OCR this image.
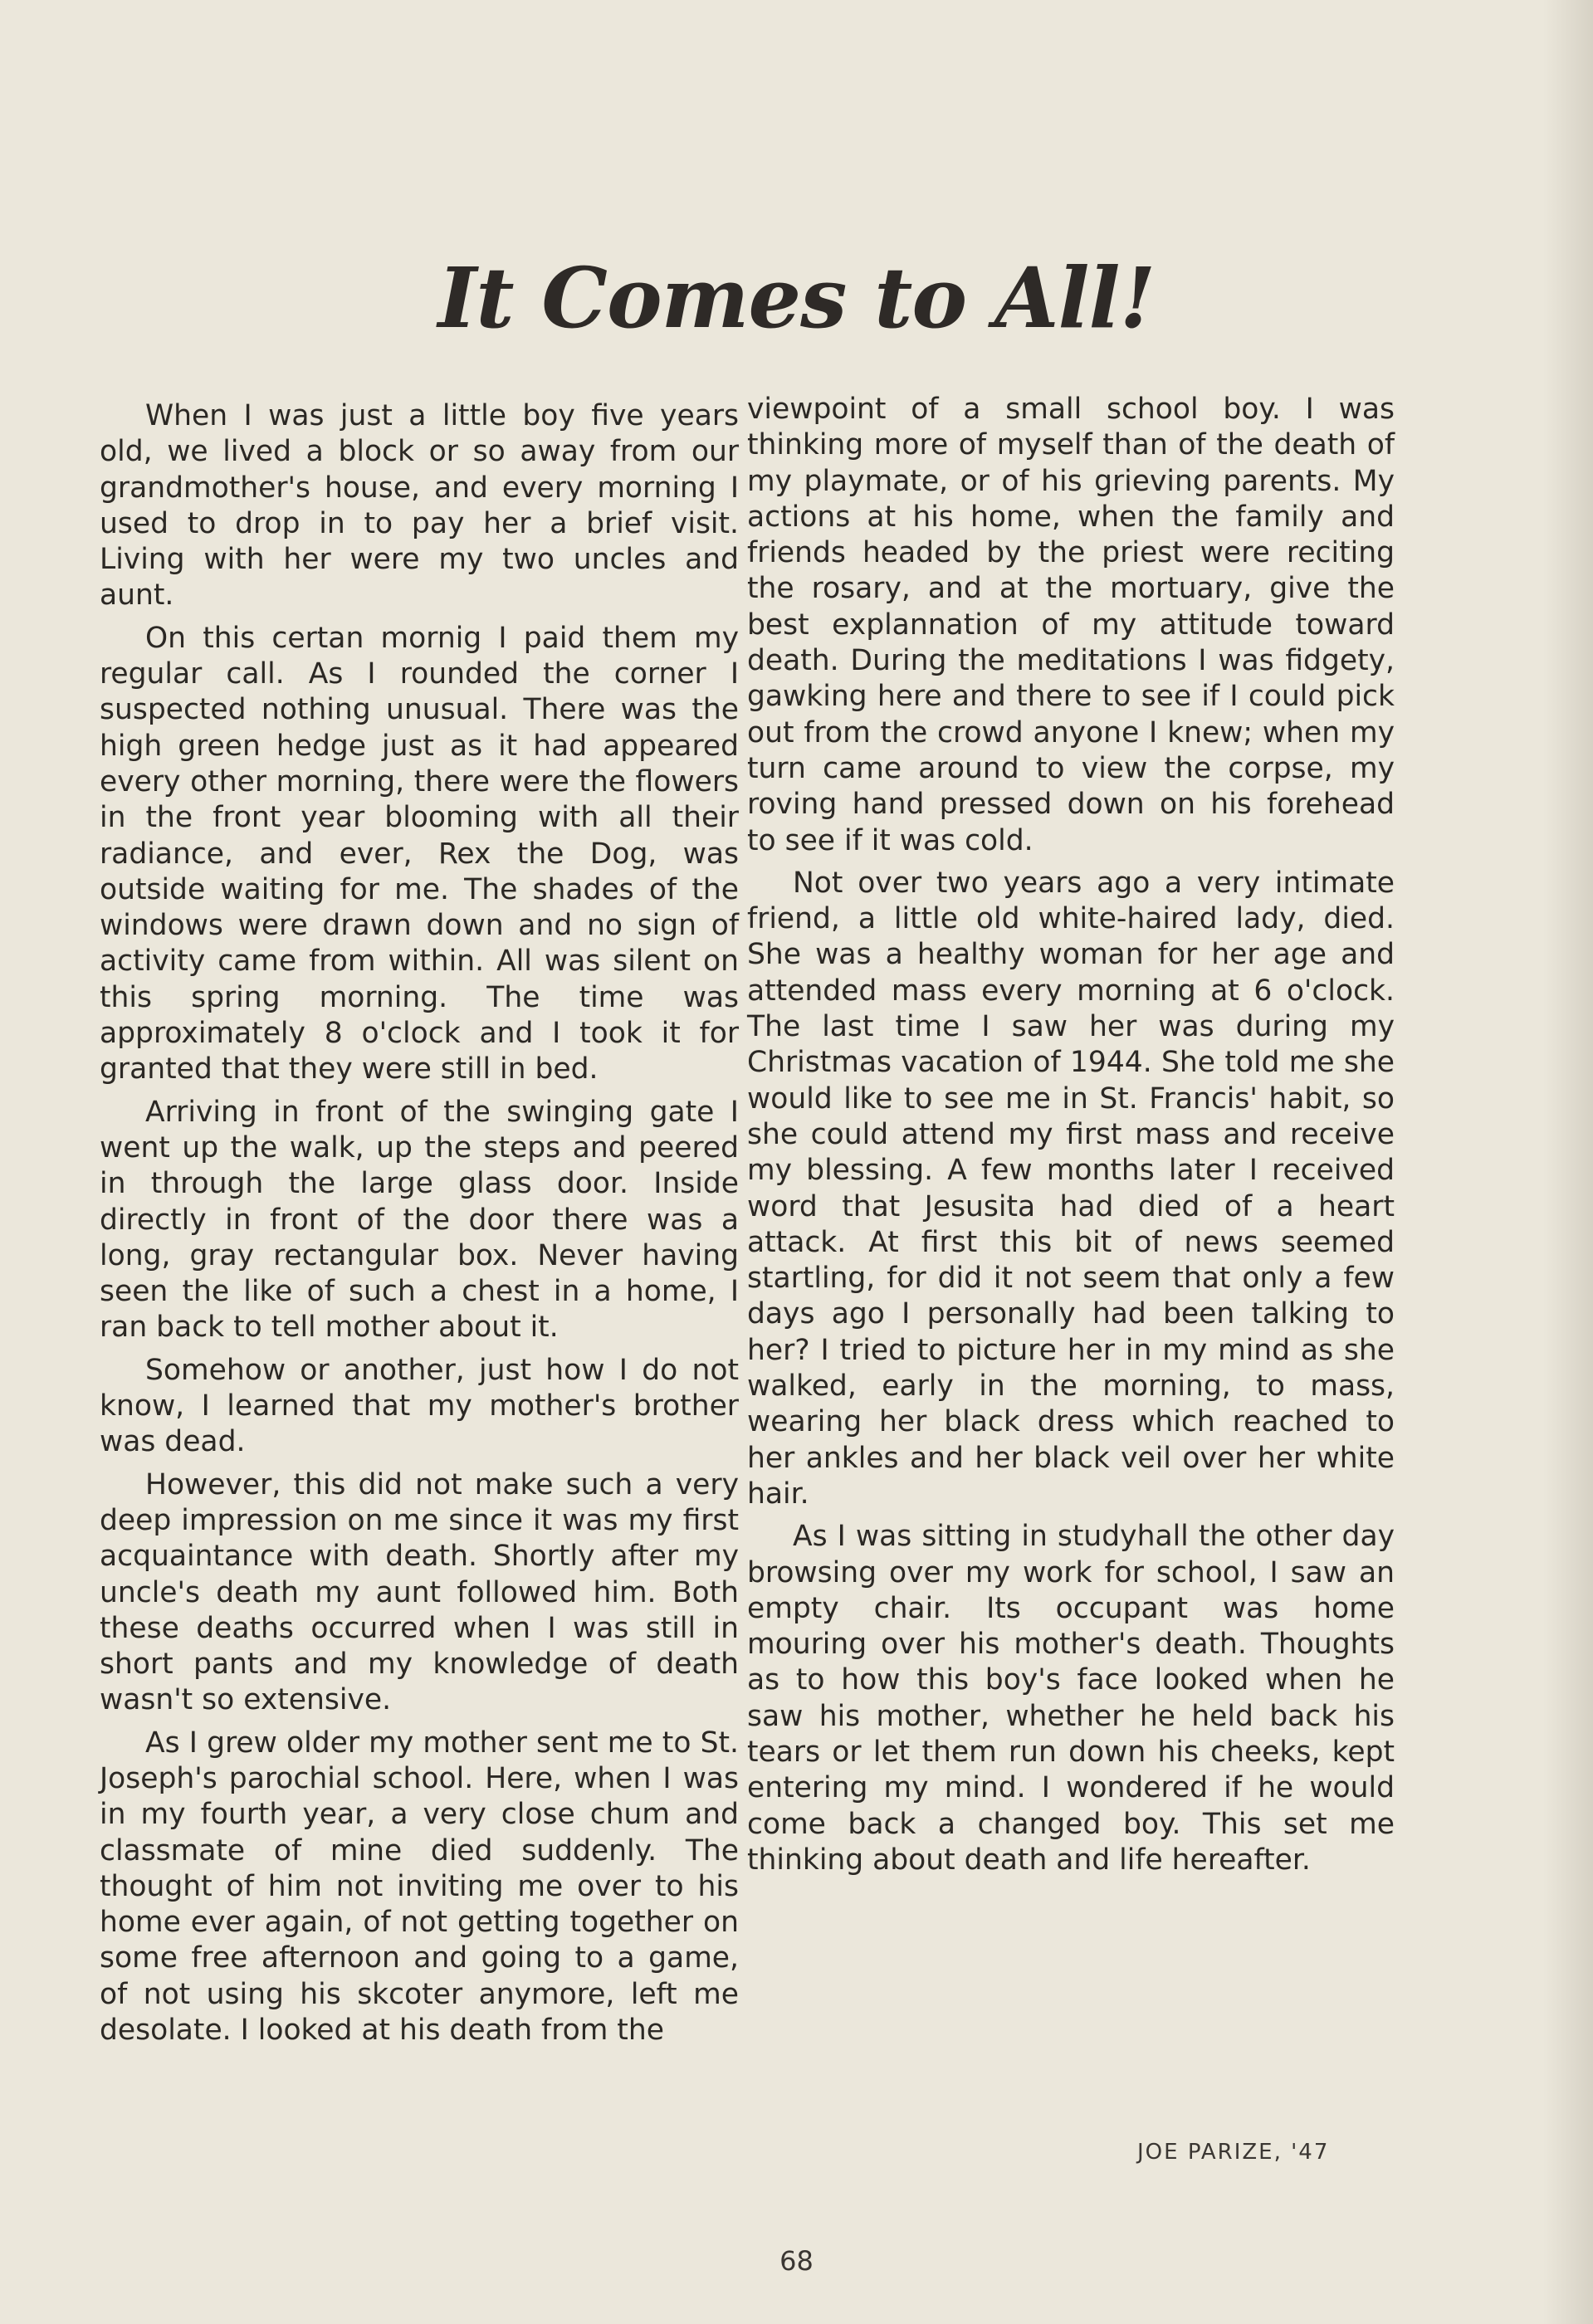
It Comes to All!

When I was just a little boy five years old, we lived a block or so away from our grandmother's house, and every morning I used to drop in to pay her a brief visit. Living with her were my two uncles and aunt.

On this certan mornig I paid them my regular call. As I rounded the corner I suspected nothing unusual. There was the high green hedge just as it had appeared every other morning, there were the flowers in the front year blooming with all their radiance, and ever, Rex the Dog, was outside waiting for me. The shades of the windows were drawn down and no sign of activity came from within. All was silent on this spring morning. The time was approximately 8 o'clock and I took it for granted that they were still in bed.

Arriving in front of the swinging gate I went up the walk, up the steps and peered in through the large glass door. Inside directly in front of the door there was a long, gray rectangular box. Never having seen the like of such a chest in a home, I ran back to tell mother about it.

Somehow or another, just how I do not know, I learned that my mother's brother was dead.

However, this did not make such a very deep impression on me since it was my first acquaintance with death. Shortly after my uncle's death my aunt followed him. Both these deaths occurred when I was still in short pants and my knowledge of death wasn't so extensive.

As I grew older my mother sent me to St. Joseph's parochial school. Here, when I was in my fourth year, a very close chum and classmate of mine died suddenly. The thought of him not inviting me over to his home ever again, of not getting together on some free afternoon and going to a game, of not using his skcoter anymore, left me desolate. I looked at his death from the

viewpoint of a small school boy. I was thinking more of myself than of the death of my playmate, or of his grieving parents. My actions at his home, when the family and friends headed by the priest were reciting the rosary, and at the mortuary, give the best explannation of my attitude toward death. During the meditations I was fidgety, gawking here and there to see if I could pick out from the crowd anyone I knew; when my turn came around to view the corpse, my roving hand pressed down on his forehead to see if it was cold.

Not over two years ago a very intimate friend, a little old white-haired lady, died. She was a healthy woman for her age and attended mass every morning at 6 o'clock. The last time I saw her was during my Christmas vacation of 1944. She told me she would like to see me in St. Francis' habit, so she could attend my first mass and receive my blessing. A few months later I received word that Jesusita had died of a heart attack. At first this bit of news seemed startling, for did it not seem that only a few days ago I personally had been talking to her? I tried to picture her in my mind as she walked, early in the morning, to mass, wearing her black dress which reached to her ankles and her black veil over her white hair.

As I was sitting in studyhall the other day browsing over my work for school, I saw an empty chair. Its occupant was home mouring over his mother's death. Thoughts as to how this boy's face looked when he saw his mother, whether he held back his tears or let them run down his cheeks, kept entering my mind. I wondered if he would come back a changed boy. This set me thinking about death and life hereafter.

JOE PARIZE, '47
68
